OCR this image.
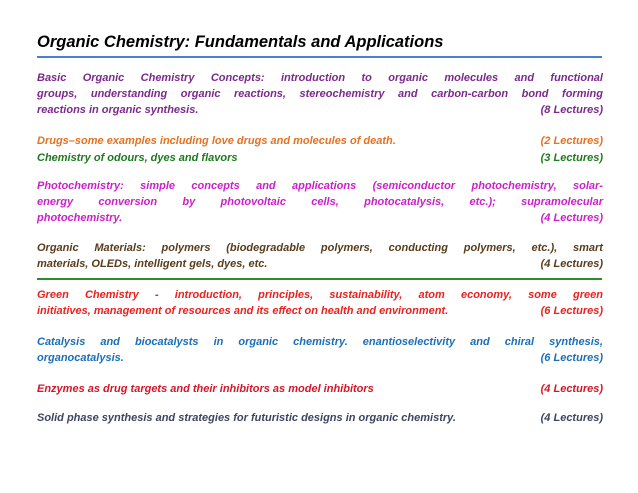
Organic Chemistry: Fundamentals and Applications
Basic Organic Chemistry Concepts: introduction to organic molecules and functional
groups, understanding organic reactions, stereochemistry and carbon-carbon bond forming
reactions in organic synthesis.	(8 Lectures)
Drugs–some examples including love drugs and molecules of death.	(2 Lectures)
Chemistry of odours, dyes and flavors	(3 Lectures)
Photochemistry: simple concepts and applications (semiconductor photochemistry, solar-
energy conversion by photovoltaic cells, photocatalysis, etc.); supramolecular
photochemistry.	(4 Lectures)
Organic Materials: polymers (biodegradable polymers, conducting polymers, etc.), smart
materials, OLEDs, intelligent gels, dyes, etc.	(4 Lectures)
Green Chemistry - introduction, principles, sustainability, atom economy, some green
initiatives, management of resources and its effect on health and environment.	(6 Lectures)
Catalysis and biocatalysts in organic chemistry. enantioselectivity and chiral synthesis,
organocatalysis.	(6 Lectures)
Enzymes as drug targets and their inhibitors as model inhibitors	(4 Lectures)
Solid phase synthesis and strategies for futuristic designs in organic chemistry.	(4 Lectures)
